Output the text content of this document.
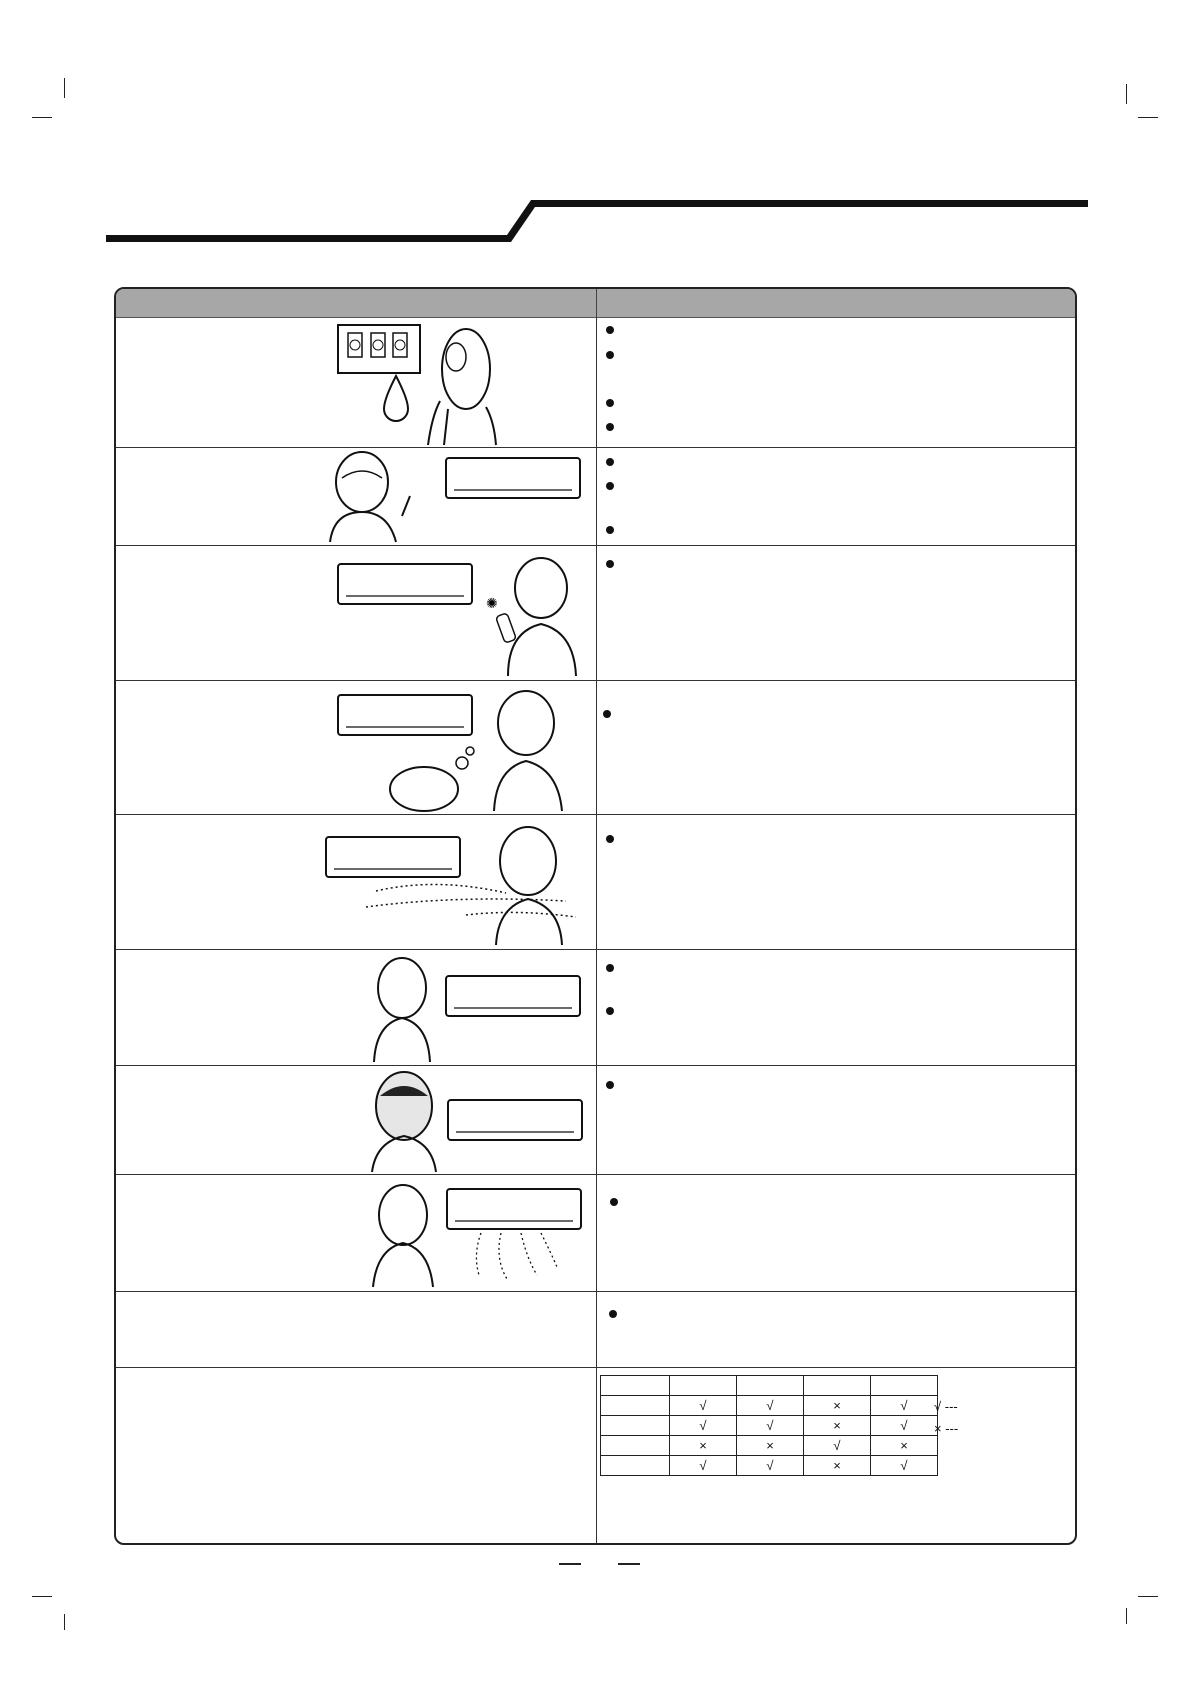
✺

	√	√	×	√
	√	√	×	√
	×	×	√	×
	√	√	×	√
√ ---
× ---
